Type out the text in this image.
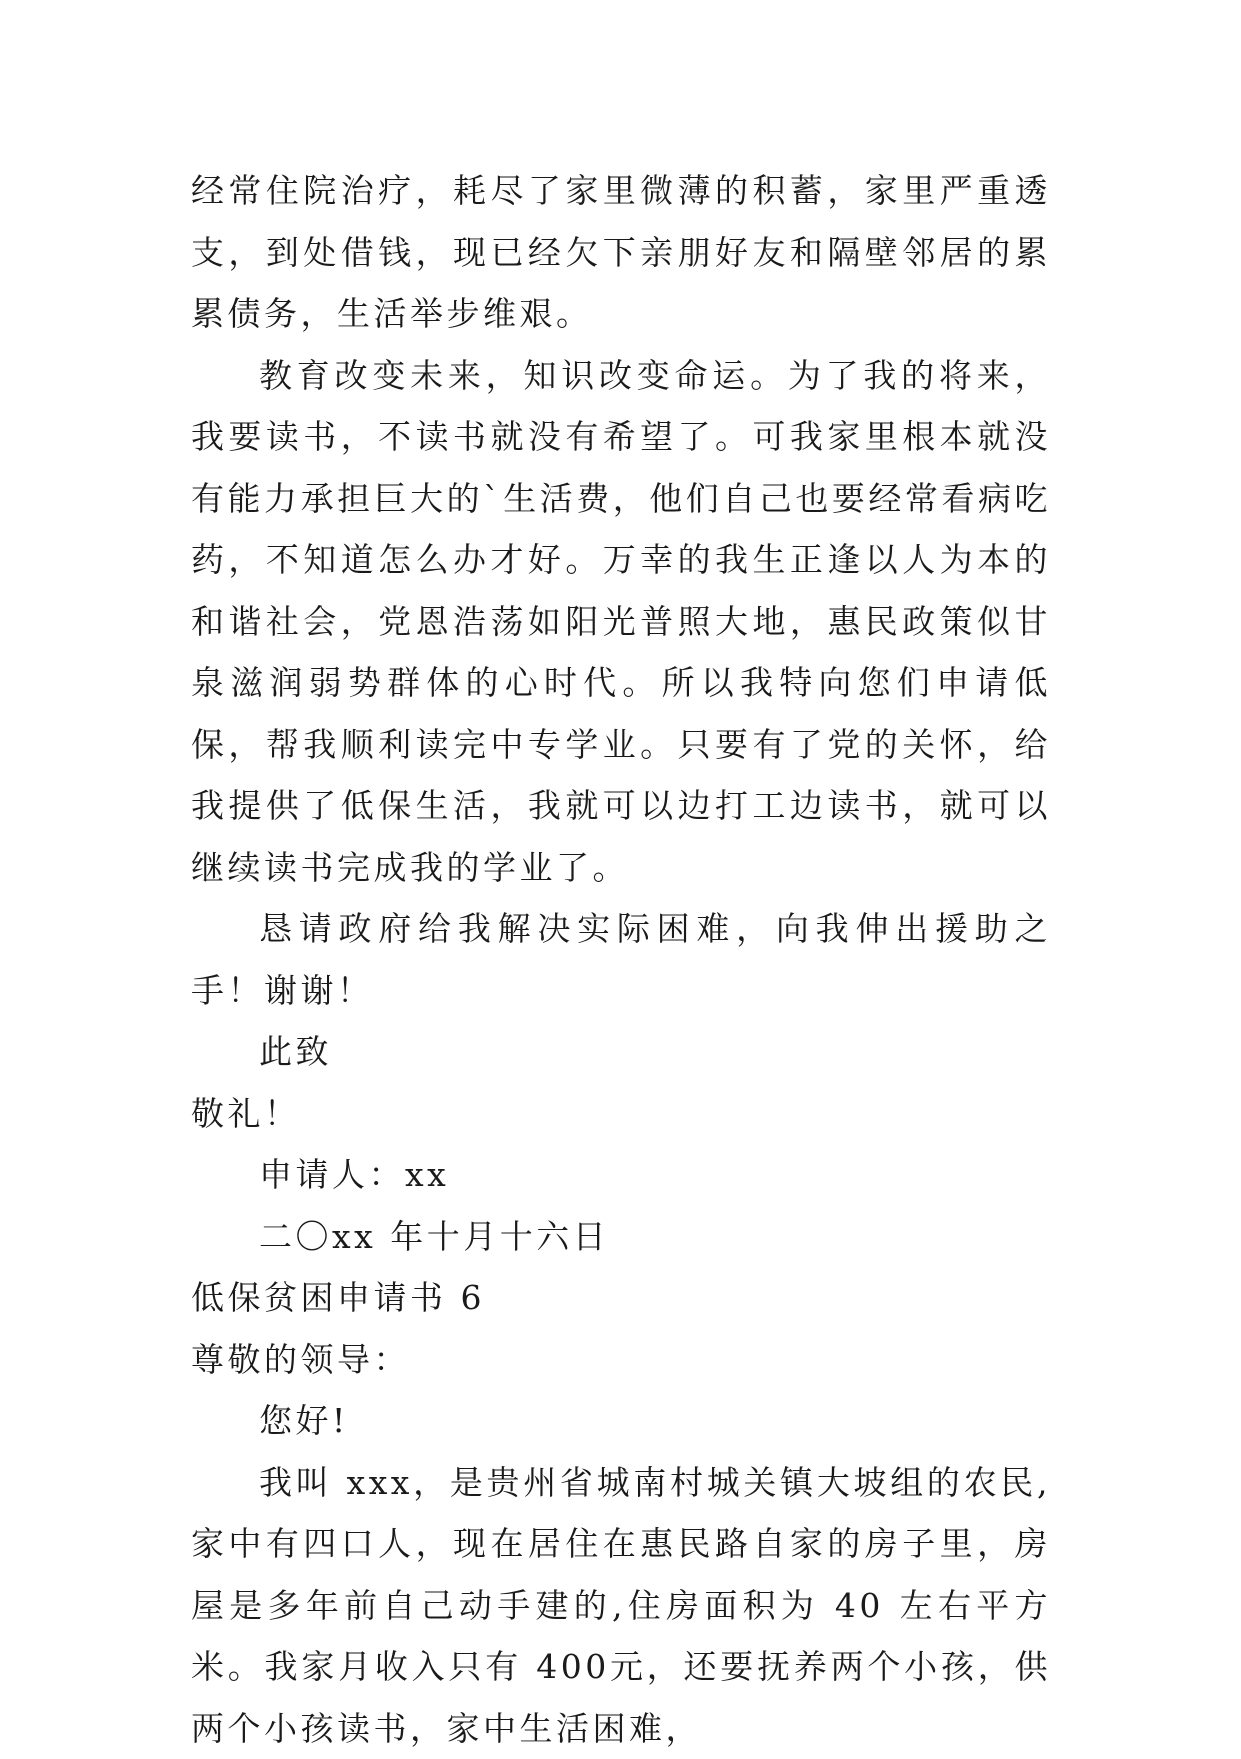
经常住院治疗，耗尽了家里微薄的积蓄，家里严重透支，到处借钱，现已经欠下亲朋好友和隔壁邻居的累累债务，生活举步维艰。

教育改变未来，知识改变命运。为了我的将来，我要读书，不读书就没有希望了。可我家里根本就没有能力承担巨大的`生活费，他们自己也要经常看病吃药，不知道怎么办才好。万幸的我生正逢以人为本的和谐社会，党恩浩荡如阳光普照大地，惠民政策似甘泉滋润弱势群体的心时代。所以我特向您们申请低保，帮我顺利读完中专学业。只要有了党的关怀，给我提供了低保生活，我就可以边打工边读书，就可以继续读书完成我的学业了。

恳请政府给我解决实际困难，向我伸出援助之手！谢谢！

此致

敬礼！

申请人：xx

二〇xx 年十月十六日

低保贫困申请书 6

尊敬的领导：

您好!

我叫 xxx，是贵州省城南村城关镇大坡组的农民,家中有四口人，现在居住在惠民路自家的房子里，房屋是多年前自己动手建的,住房面积为 40 左右平方米。我家月收入只有 400元，还要抚养两个小孩，供两个小孩读书，家中生活困难，
